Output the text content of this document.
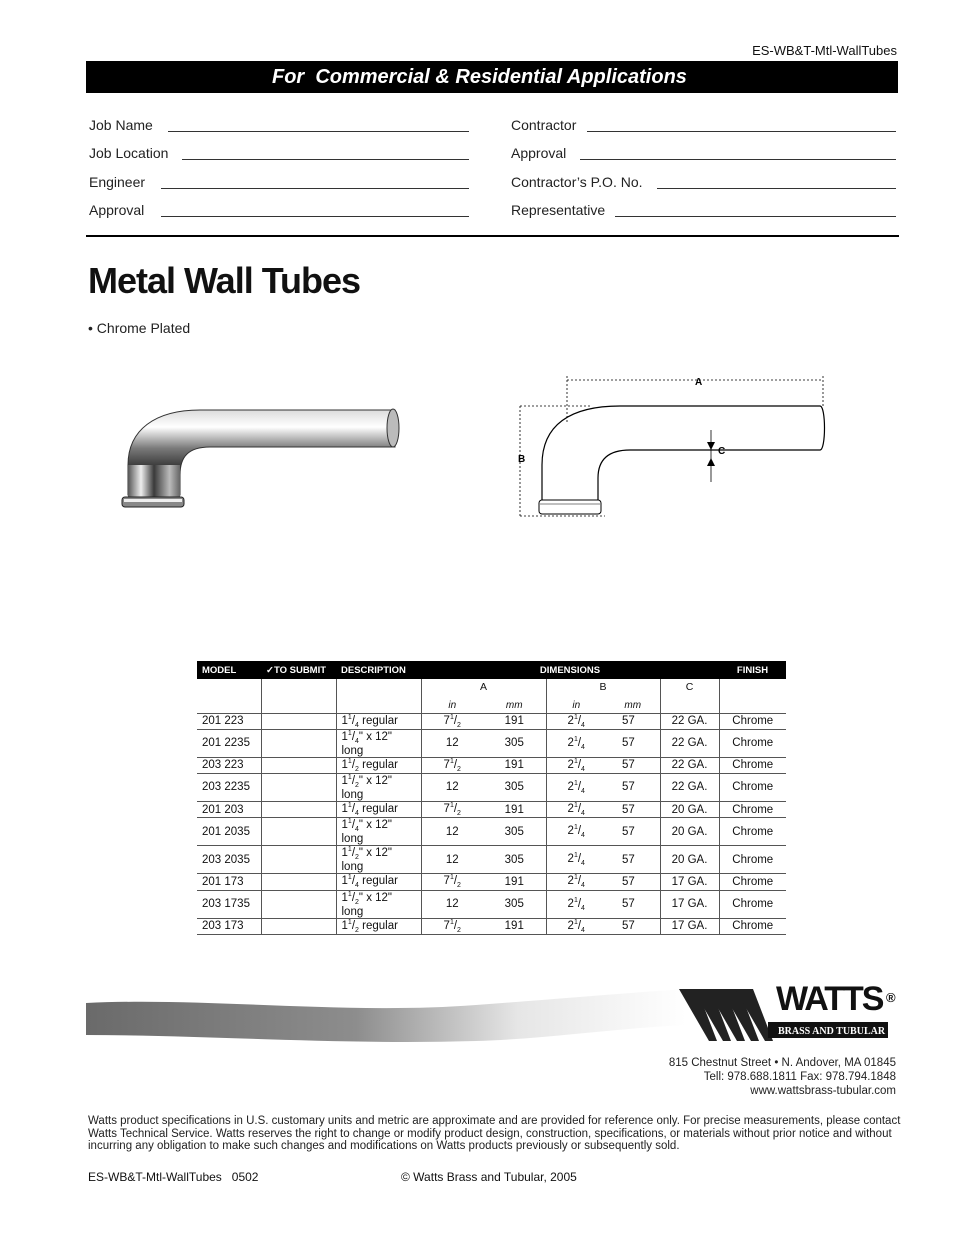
ES-WB&T-Mtl-WallTubes
For  Commercial & Residential Applications
Job Name
Job Location
Engineer
Approval
Contractor
Approval
Contractor’s P.O. No.
Representative
Metal Wall Tubes
• Chrome Plated
A
B
C
MODEL	✓TO SUBMIT	DESCRIPTION	DIMENSIONS					FINISH
			A		B		C	
			in	mm	in	mm		
201 223		$1^1/_4$ regular	$7^1/_2$	191	$2^1/_4$	57	22 GA.	Chrome
201 2235		$1^1/_4$" x 12" long	12	305	$2^1/_4$	57	22 GA.	Chrome
203 223		$1^1/_2$ regular	$7^1/_2$	191	$2^1/_4$	57	22 GA.	Chrome
203 2235		$1^1/_2$" x 12" long	12	305	$2^1/_4$	57	22 GA.	Chrome
201 203		$1^1/_4$ regular	$7^1/_2$	191	$2^1/_4$	57	20 GA.	Chrome
201 2035		$1^1/_4$" x 12" long	12	305	$2^1/_4$	57	20 GA.	Chrome
203 2035		$1^1/_2$" x 12" long	12	305	$2^1/_4$	57	20 GA.	Chrome
201 173		$1^1/_4$ regular	$7^1/_2$	191	$2^1/_4$	57	17 GA.	Chrome
203 1735		$1^1/_2$" x 12" long	12	305	$2^1/_4$	57	17 GA.	Chrome
203 173		$1^1/_2$ regular	$7^1/_2$	191	$2^1/_4$	57	17 GA.	Chrome
WATTS ®
BRASS AND TUBULAR
815 Chestnut Street • N. Andover, MA 01845
Tell: 978.688.1811 Fax: 978.794.1848
www.wattsbrass-tubular.com
Watts product specifications in U.S. customary units and metric are approximate and are provided for reference only. For precise measurements, please contact Watts Technical Service. Watts reserves the right to change or modify product design, construction, specifications, or materials without prior notice and without incurring any obligation to make such changes and modifications on Watts products previously or subsequently sold.
ES-WB&T-Mtl-WallTubes   0502	© Watts Brass and Tubular, 2005
